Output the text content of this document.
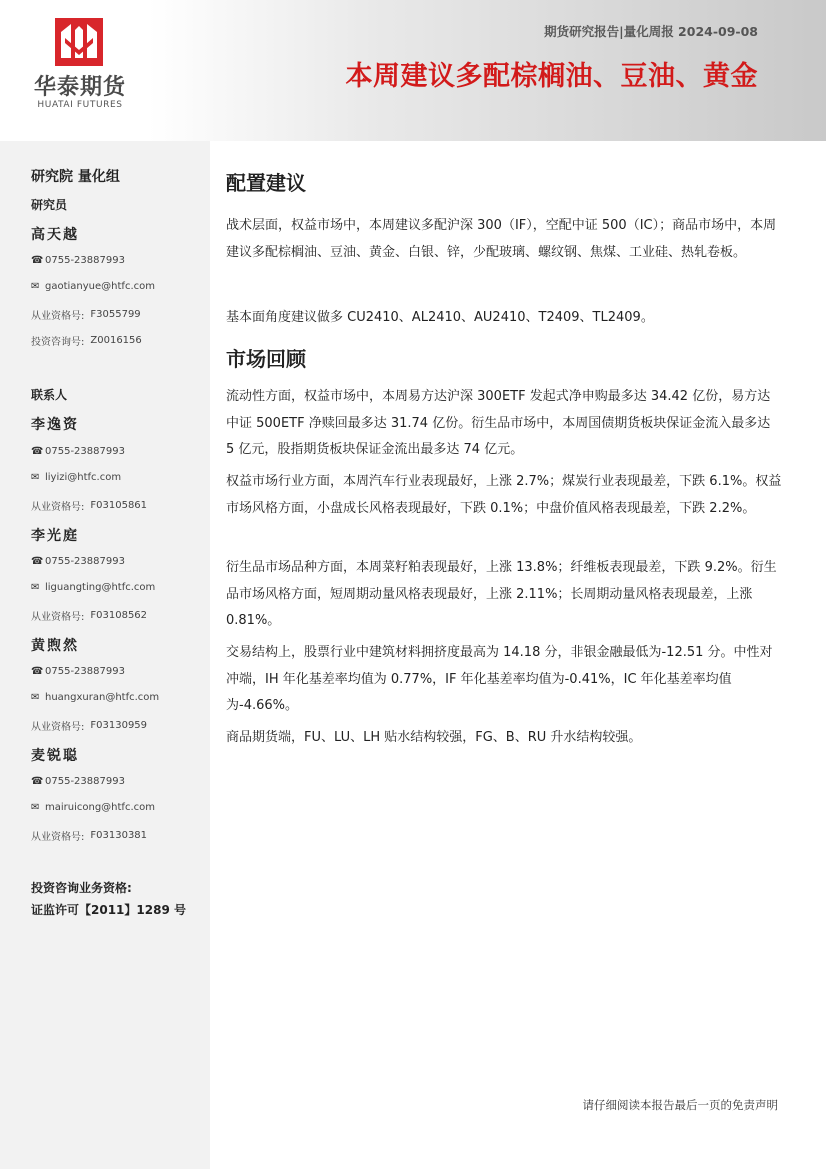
华泰期货
HUATAI FUTURES
期货研究报告|量化周报 2024-09-08
本周建议多配棕榈油、豆油、黄金
研究院 量化组
研究员
高天越
☎ 0755-23887993
✉ gaotianyue@htfc.com
从业资格号: F3055799
投资咨询号: Z0016156
联系人
李逸资
☎ 0755-23887993
✉ liyizi@htfc.com
从业资格号: F03105861
李光庭
☎ 0755-23887993
✉ liguangting@htfc.com
从业资格号: F03108562
黄煦然
☎ 0755-23887993
✉ huangxuran@htfc.com
从业资格号: F03130959
麦锐聪
☎ 0755-23887993
✉ mairuicong@htfc.com
从业资格号: F03130381
投资咨询业务资格:
证监许可【2011】1289 号
配置建议

战术层面，权益市场中，本周建议多配沪深 300（IF），空配中证 500（IC）；商品市场中，本周建议多配棕榈油、豆油、黄金、白银、锌，少配玻璃、螺纹钢、焦煤、工业硅、热轧卷板。

基本面角度建议做多 CU2410、AL2410、AU2410、T2409、TL2409。

市场回顾

流动性方面，权益市场中，本周易方达沪深 300ETF 发起式净申购最多达 34.42 亿份，易方达中证 500ETF 净赎回最多达 31.74 亿份。衍生品市场中，本周国债期货板块保证金流入最多达 5 亿元，股指期货板块保证金流出最多达 74 亿元。

权益市场行业方面，本周汽车行业表现最好，上涨 2.7%；煤炭行业表现最差，下跌 6.1%。权益市场风格方面，小盘成长风格表现最好，下跌 0.1%；中盘价值风格表现最差，下跌 2.2%。

衍生品市场品种方面，本周菜籽粕表现最好，上涨 13.8%；纤维板表现最差，下跌 9.2%。衍生品市场风格方面，短周期动量风格表现最好，上涨 2.11%；长周期动量风格表现最差，上涨 0.81%。

交易结构上，股票行业中建筑材料拥挤度最高为 14.18 分，非银金融最低为-12.51 分。中性对冲端，IH 年化基差率均值为 0.77%，IF 年化基差率均值为-0.41%，IC 年化基差率均值为-4.66%。

商品期货端，FU、LU、LH 贴水结构较强，FG、B、RU 升水结构较强。

请仔细阅读本报告最后一页的免责声明
